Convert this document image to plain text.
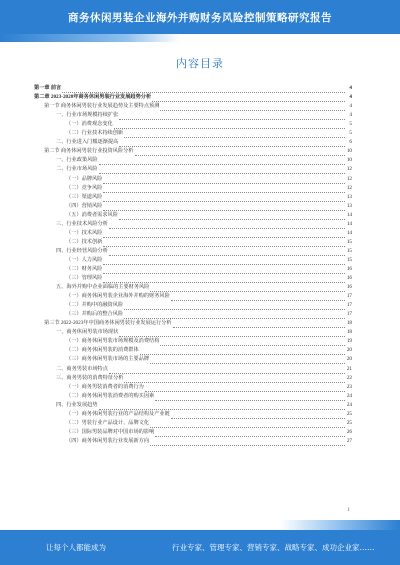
商务休闲男装企业海外并购财务风险控制策略研究报告
内容目录
第一章 前言	4
第二章 2023-2028年商务休闲男装行业发展趋势分析	4
第一节 商务休闲男装行业发展趋势及主要特点预测	4
一、行业市场规模持续扩张	4
（一）消费观念变化	5
（二）行业技术持续创新	5
二、行业进入门槛逐渐提高	6
第二节 商务休闲男装行业投资风险分析	10
一、行业政策风险	10
二、行业市场风险	12
（一）品牌风险	12
（二）竞争风险	12
（三）渠道风险	13
（四）营销风险	13
（五）消费者需求风险	14
三、行业技术风险分析	14
（一）技术风险	14
（二）技术创新	15
四、行业经营风险分析	15
（一）人力风险	15
（二）财务风险	16
（三）管理风险	16
五、海外并购中企业面临的主要财务风险	16
（一）商务休闲男装企业海外并购的财务风险	17
（二）并购中的融资风险	17
（三）并购后的整合风险	17
第三节 2022-2023年中国商务休闲男装行业发展运行分析	18
一、商务休闲男装市场现状	18
（一）商务休闲男装市场规模及消费结构	19
（二）商务休闲男装的消费群体	20
（三）商务休闲男装市场的主要品牌	20
二、商务男装市场特点	21
三、商务男装的消费特征分析	22
（一）商务男装消费者的消费行为	23
（二）商务休闲男装消费者的购买因素	24
四、行业发展趋势	24
（一）商务休闲男装行业的产品结构及产业链	25
（二）男装行业产品设计、品牌文化	25
（三）国际男装品牌对中国市场的影响	26
（四）商务休闲男装行业发展新方向	27
1
让每个人都能成为	行业专家、管理专家、营销专家、战略专家、成功企业家……
